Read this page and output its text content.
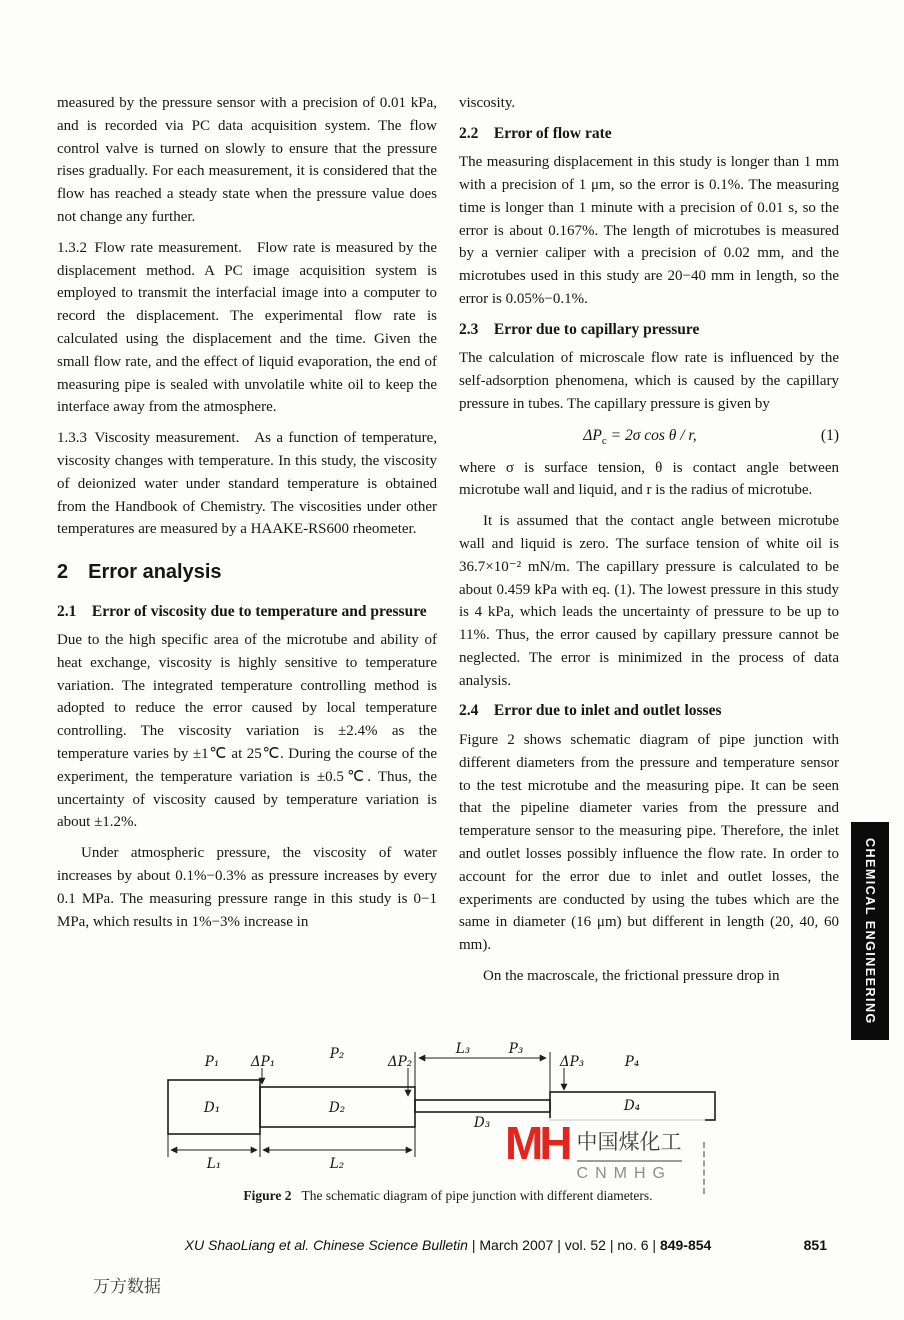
measured by the pressure sensor with a precision of 0.01 kPa, and is recorded via PC data acquisition system. The flow control valve is turned on slowly to ensure that the pressure rises gradually. For each measurement, it is considered that the flow has reached a steady state when the pressure value does not change any further.

1.3.2 Flow rate measurement.  Flow rate is measured by the displacement method. A PC image acquisition system is employed to transmit the interfacial image into a computer to record the displacement. The experimental flow rate is calculated using the displacement and the time. Given the small flow rate, and the effect of liquid evaporation, the end of measuring pipe is sealed with unvolatile white oil to keep the interface away from the atmosphere.

1.3.3 Viscosity measurement.  As a function of temperature, viscosity changes with temperature. In this study, the viscosity of deionized water under standard temperature is obtained from the Handbook of Chemistry. The viscosities under other temperatures are measured by a HAAKE-RS600 rheometer.

2 Error analysis
2.1  Error of viscosity due to temperature and pressure

Due to the high specific area of the microtube and ability of heat exchange, viscosity is highly sensitive to temperature variation. The integrated temperature controlling method is adopted to reduce the error caused by local temperature controlling. The viscosity variation is ±2.4% as the temperature varies by ±1℃ at 25℃. During the course of the experiment, the temperature variation is ±0.5℃. Thus, the uncertainty of viscosity caused by temperature variation is about ±1.2%.

Under atmospheric pressure, the viscosity of water increases by about 0.1%−0.3% as pressure increases by every 0.1 MPa. The measuring pressure range in this study is 0−1 MPa, which results in 1%−3% increase in

viscosity.

2.2  Error of flow rate

The measuring displacement in this study is longer than 1 mm with a precision of 1 μm, so the error is 0.1%. The measuring time is longer than 1 minute with a precision of 0.01 s, so the error is about 0.167%. The length of microtubes is measured by a vernier caliper with a precision of 0.02 mm, and the microtubes used in this study are 20−40 mm in length, so the error is 0.05%−0.1%.

2.3  Error due to capillary pressure

The calculation of microscale flow rate is influenced by the self-adsorption phenomena, which is caused by the capillary pressure in tubes. The capillary pressure is given by

$\Delta P_c = 2\sigma$ cos θ / r,	(1)

where σ is surface tension, θ is contact angle between microtube wall and liquid, and r is the radius of microtube.

It is assumed that the contact angle between microtube wall and liquid is zero. The surface tension of white oil is 36.7×10⁻² mN/m. The capillary pressure is calculated to be about 0.459 kPa with eq. (1). The lowest pressure in this study is 4 kPa, which leads the uncertainty of pressure to be up to 11%. Thus, the error caused by capillary pressure cannot be neglected. The error is minimized in the process of data analysis.

2.4  Error due to inlet and outlet losses

Figure 2 shows schematic diagram of pipe junction with different diameters from the pressure and temperature sensor to the test microtube and the measuring pipe. It can be seen that the pipeline diameter varies from the pressure and temperature sensor to the measuring pipe. Therefore, the inlet and outlet losses possibly influence the flow rate. In order to account for the error due to inlet and outlet losses, the experiments are conducted by using the tubes which are the same in diameter (16 μm) but different in length (20, 40, 60 mm).

On the macroscale, the frictional pressure drop in

P₁ ΔP₁	P₂	ΔP₂
L₃	P₃
ΔP₃	P₄
D₁	D₂
D₃
D₄
L₁	L₂	MH 中国煤化工
CNMHG
Figure 2 The schematic diagram of pipe junction with different diameters.
CHEMICAL ENGINEERING
XU ShaoLiang et al. Chinese Science Bulletin | March 2007 | vol. 52 | no. 6 | 849-854	851
万方数据
